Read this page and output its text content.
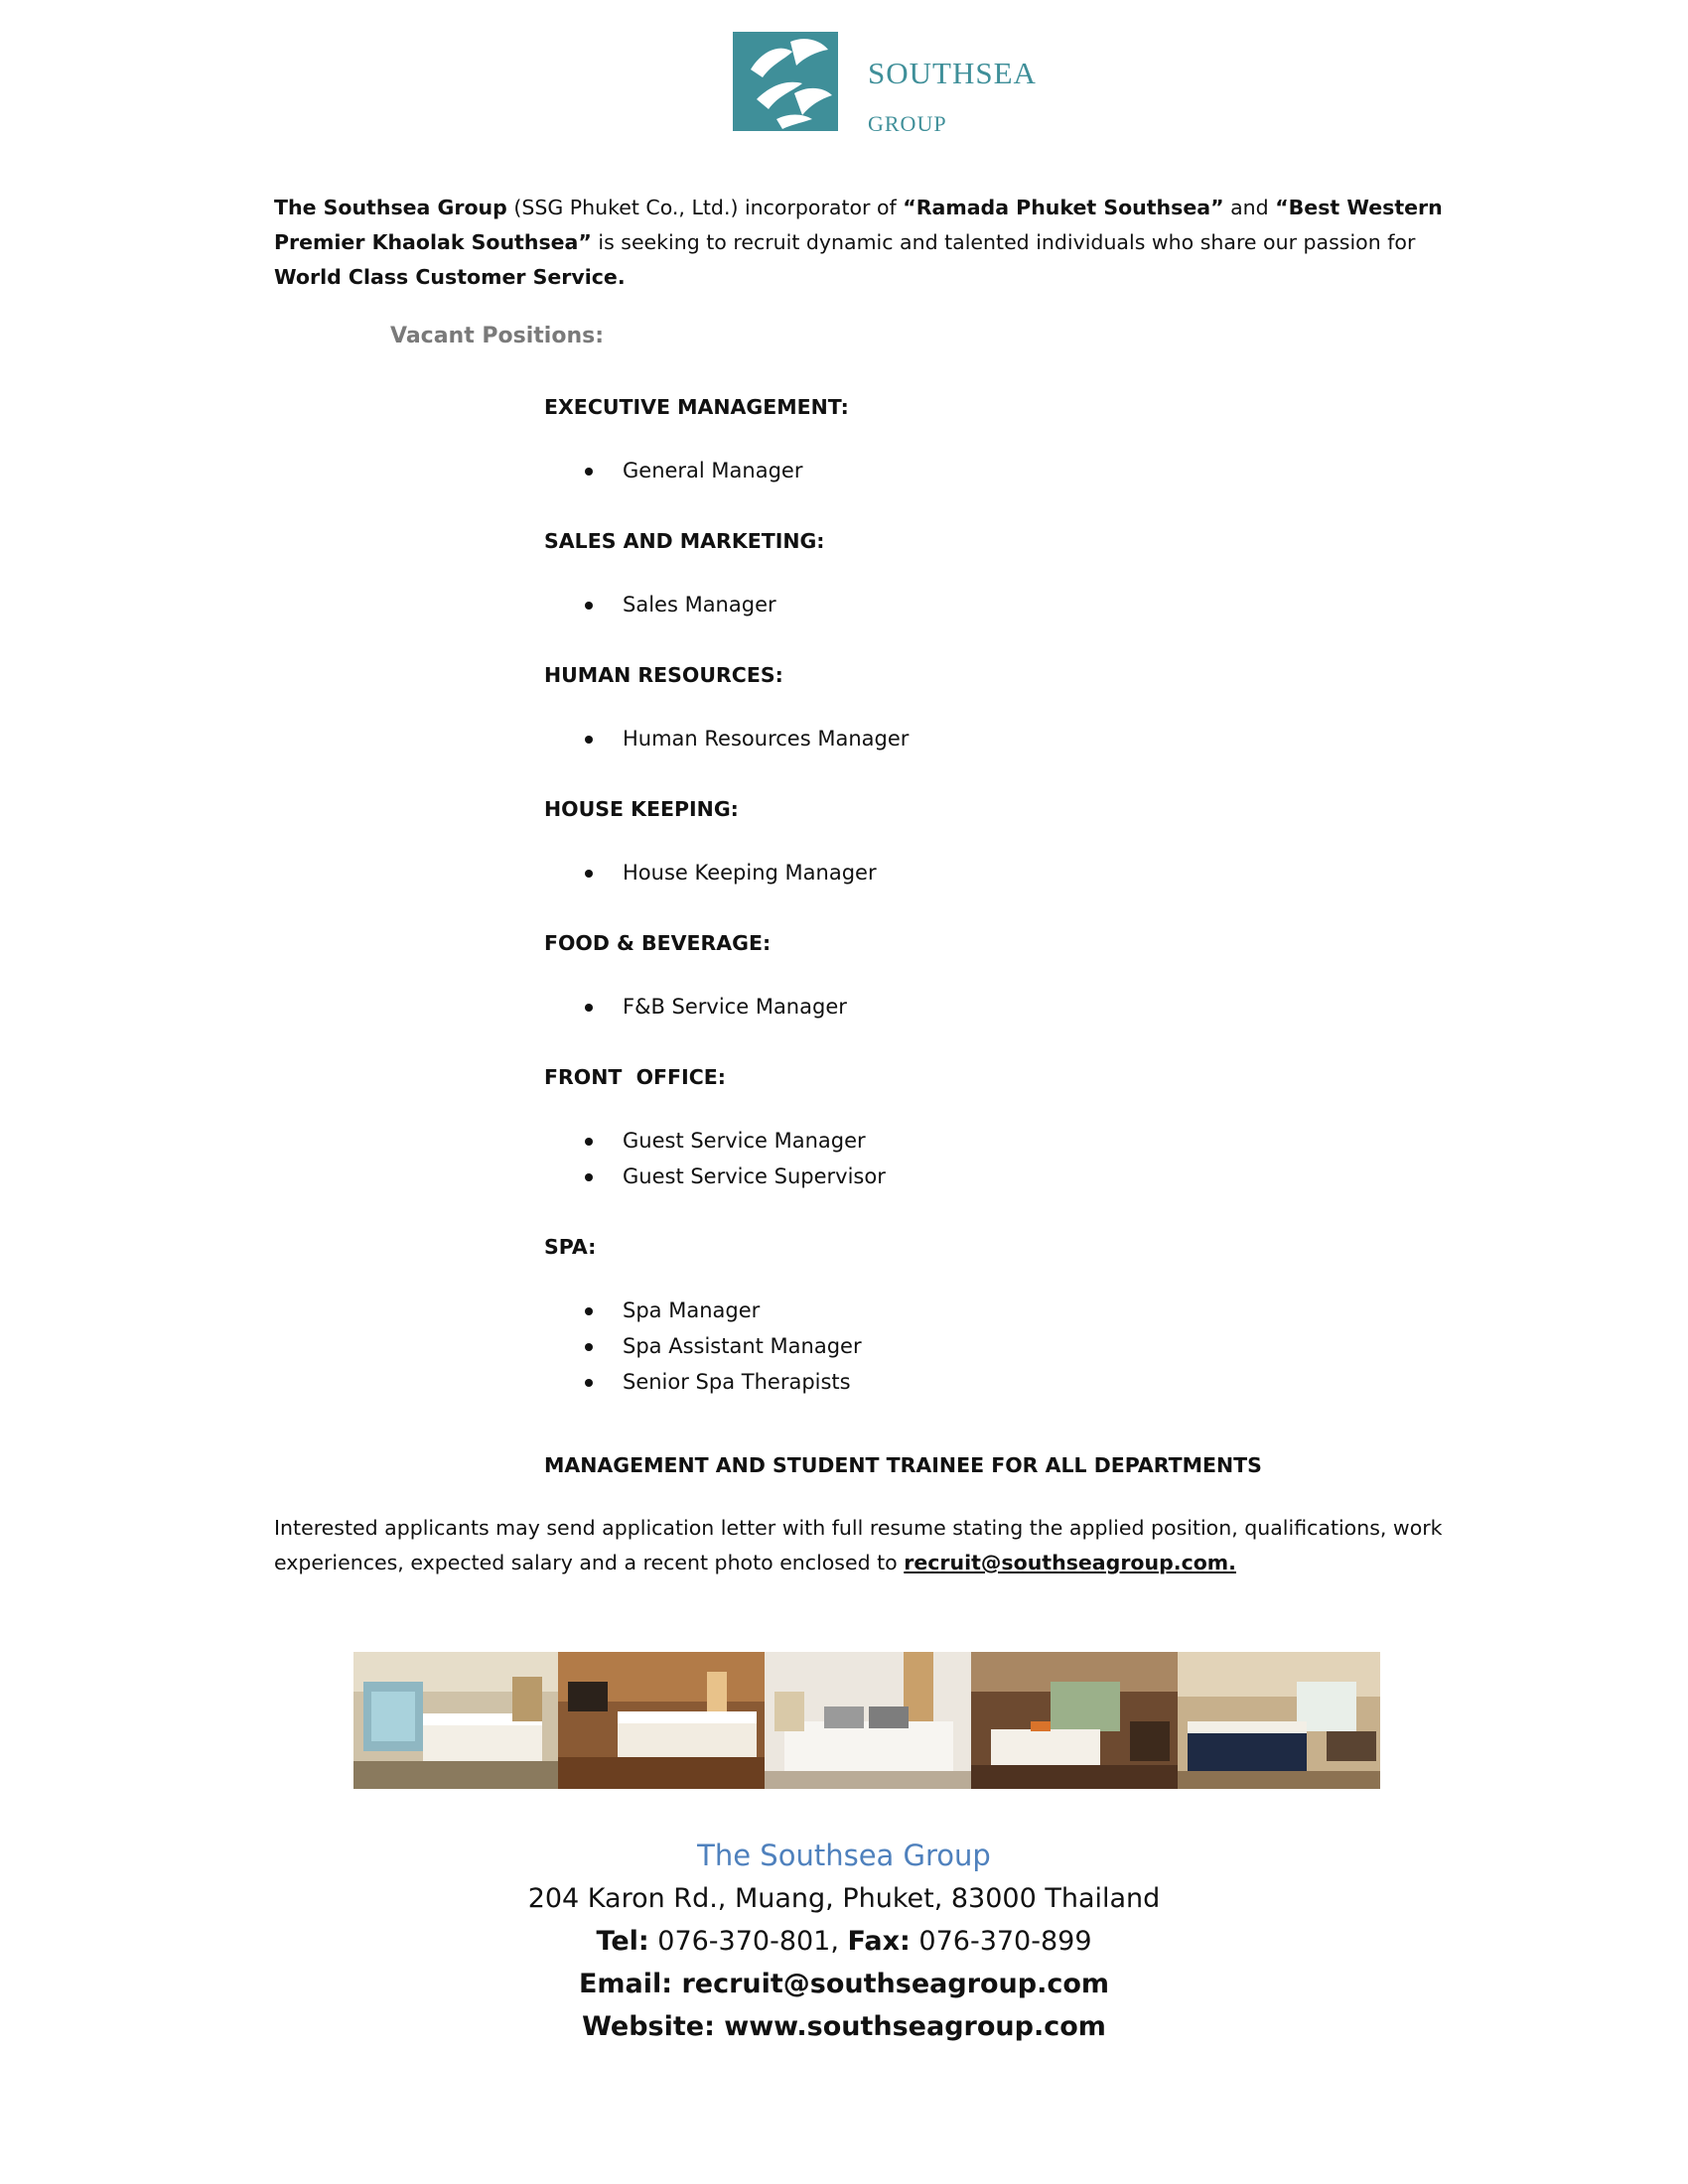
SOUTHSEA
GROUP

The Southsea Group (SSG Phuket Co., Ltd.) incorporator of “Ramada Phuket Southsea” and “Best Western Premier Khaolak Southsea” is seeking to recruit dynamic and talented individuals who share our passion for World Class Customer Service.

Vacant Positions:

EXECUTIVE MANAGEMENT:

General Manager

SALES AND MARKETING:

Sales Manager

HUMAN RESOURCES:

Human Resources Manager

HOUSE KEEPING:

House Keeping Manager

FOOD & BEVERAGE:

F&B Service Manager

FRONT  OFFICE:

Guest Service Manager
Guest Service Supervisor

SPA:

Spa Manager
Spa Assistant Manager
Senior Spa Therapists
MANAGEMENT AND STUDENT TRAINEE FOR ALL DEPARTMENTS

Interested applicants may send application letter with full resume stating the applied position, qualifications, work experiences, expected salary and a recent photo enclosed to recruit@southseagroup.com.

The Southsea Group
204 Karon Rd., Muang, Phuket, 83000 Thailand
Tel: 076-370-801, Fax: 076-370-899
Email: recruit@southseagroup.com
Website: www.southseagroup.com
